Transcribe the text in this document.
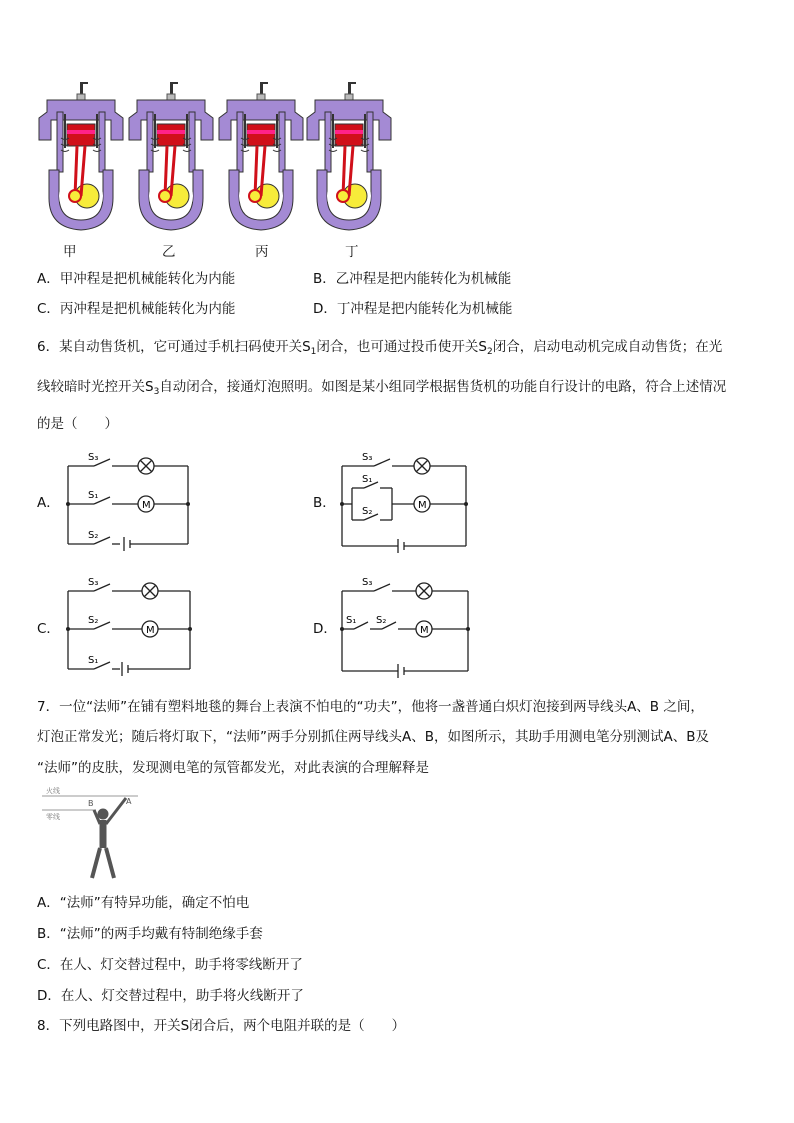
甲	乙	丙	丁
A．甲冲程是把机械能转化为内能	B．乙冲程是把内能转化为机械能
C．丙冲程是把机械能转化为内能	D．丁冲程是把内能转化为机械能
6．某自动售货机，它可通过手机扫码使开关$S_1$闭合，也可通过投币使开关$S_2$闭合，启动电动机完成自动售货；在光
线较暗时光控开关$S_3$自动闭合，接通灯泡照明。如图是某小组同学根据售货机的功能自行设计的电路，符合上述情况
的是（　　）
A．	B．
C．	D．
S₃
S₁
S₂
M
S₃
S₁
S₂
M
S₃
S₂
S₁
M
S₃
S₁ S₂
M
7．一位“法师”在铺有塑料地毯的舞台上表演不怕电的“功夫”，他将一盏普通白炽灯泡接到两导线头A、B 之间，
灯泡正常发光；随后将灯取下，“法师”两手分别抓住两导线头A、B，如图所示，其助手用测电笔分别测试A、B及
“法师”的皮肤，发现测电笔的氖管都发光，对此表演的合理解释是
火线
零线
A
B
A．“法师”有特异功能，确定不怕电
B．“法师”的两手均戴有特制绝缘手套
C．在人、灯交替过程中，助手将零线断开了
D．在人、灯交替过程中，助手将火线断开了
8．下列电路图中，开关S闭合后，两个电阻并联的是（　　）
